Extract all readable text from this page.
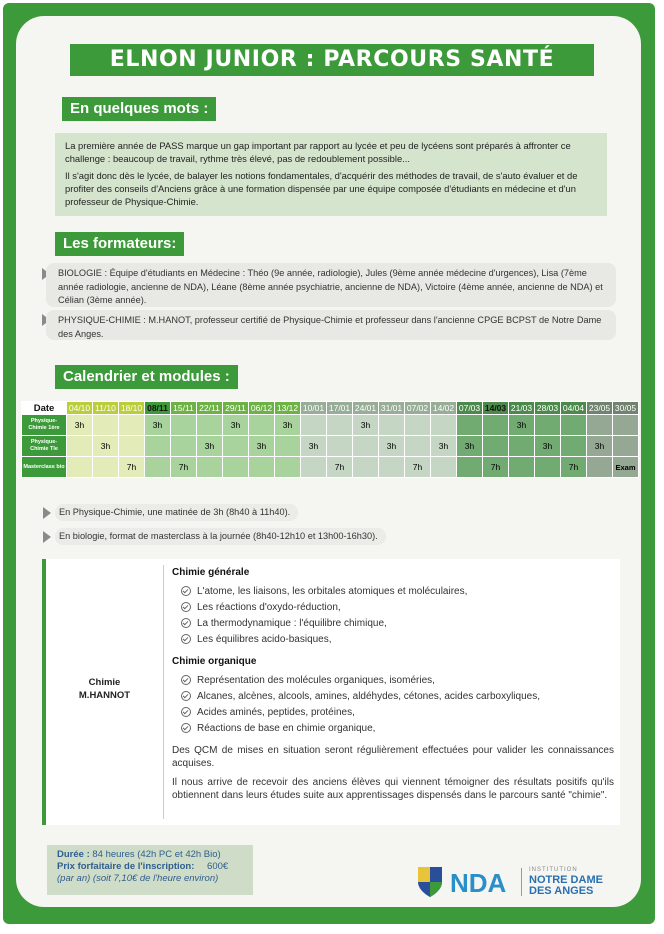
ELNON JUNIOR : PARCOURS SANTÉ
En quelques mots :

La première année de PASS marque un gap important par rapport au lycée et peu de lycéens sont préparés à affronter ce challenge : beaucoup de travail, rythme très élevé, pas de redoublement possible...

Il s'agit donc dès le lycée, de balayer les notions fondamentales, d'acquérir des méthodes de travail, de s'auto évaluer et de profiter des conseils d'Anciens grâce à une formation dispensée par une équipe composée d'étudiants en médecine et d'un professeur de Physique-Chimie.

Les formateurs:
BIOLOGIE : Équipe d'étudiants en Médecine : Théo (9e année, radiologie), Jules (9ème année médecine d'urgences), Lisa (7ème année radiologie, ancienne de NDA), Léane (8ème année psychiatrie, ancienne de NDA), Victoire (4ème année, ancienne de NDA) et Célian (3ème année).
PHYSIQUE-CHIMIE : M.HANOT, professeur certifié de Physique-Chimie et professeur dans l'ancienne CPGE BCPST de Notre Dame des Anges.
Calendrier et modules :
Date	04/10	11/10	18/10	08/11	15/11	22/11	29/11	06/12	13/12	10/01	17/01	24/01	31/01	07/02	14/02	07/03	14/03	21/03	28/03	04/04	23/05	30/05
Physique-Chimie 1ère	3h			3h			3h		3h			3h						3h				
Physique-Chimie Tle		3h				3h		3h		3h			3h		3h	3h			3h		3h	
Masterclass bio			7h		7h						7h			7h			7h			7h		Exam
En Physique-Chimie, une matinée de 3h (8h40 à 11h40).
En biologie, format de masterclass à la journée (8h40-12h10 et 13h00-16h30).
Chimie
M.HANNOT
Chimie générale
L'atome, les liaisons, les orbitales atomiques et moléculaires,
Les réactions d'oxydo-réduction,
La thermodynamique : l'équilibre chimique,
Les équilibres acido-basiques,
Chimie organique
Représentation des molécules organiques, isoméries,
Alcanes, alcènes, alcools, amines, aldéhydes, cétones, acides carboxyliques,
Acides aminés, peptides, protéines,
Réactions de base en chimie organique,
Des QCM de mises en situation seront régulièrement effectuées pour valider les connaissances acquises.
Il nous arrive de recevoir des anciens élèves qui viennent témoigner des résultats positifs qu'ils obtiennent dans leurs études suite aux apprentissages dispensés dans le parcours santé "chimie".
Durée : 84 heures (42h PC et 42h Bio)
Prix forfaitaire de l'inscription: 600€
(par an) (soit 7,10€ de l'heure environ)	NDA	INSTITUTION
NOTRE DAME
DES ANGES
